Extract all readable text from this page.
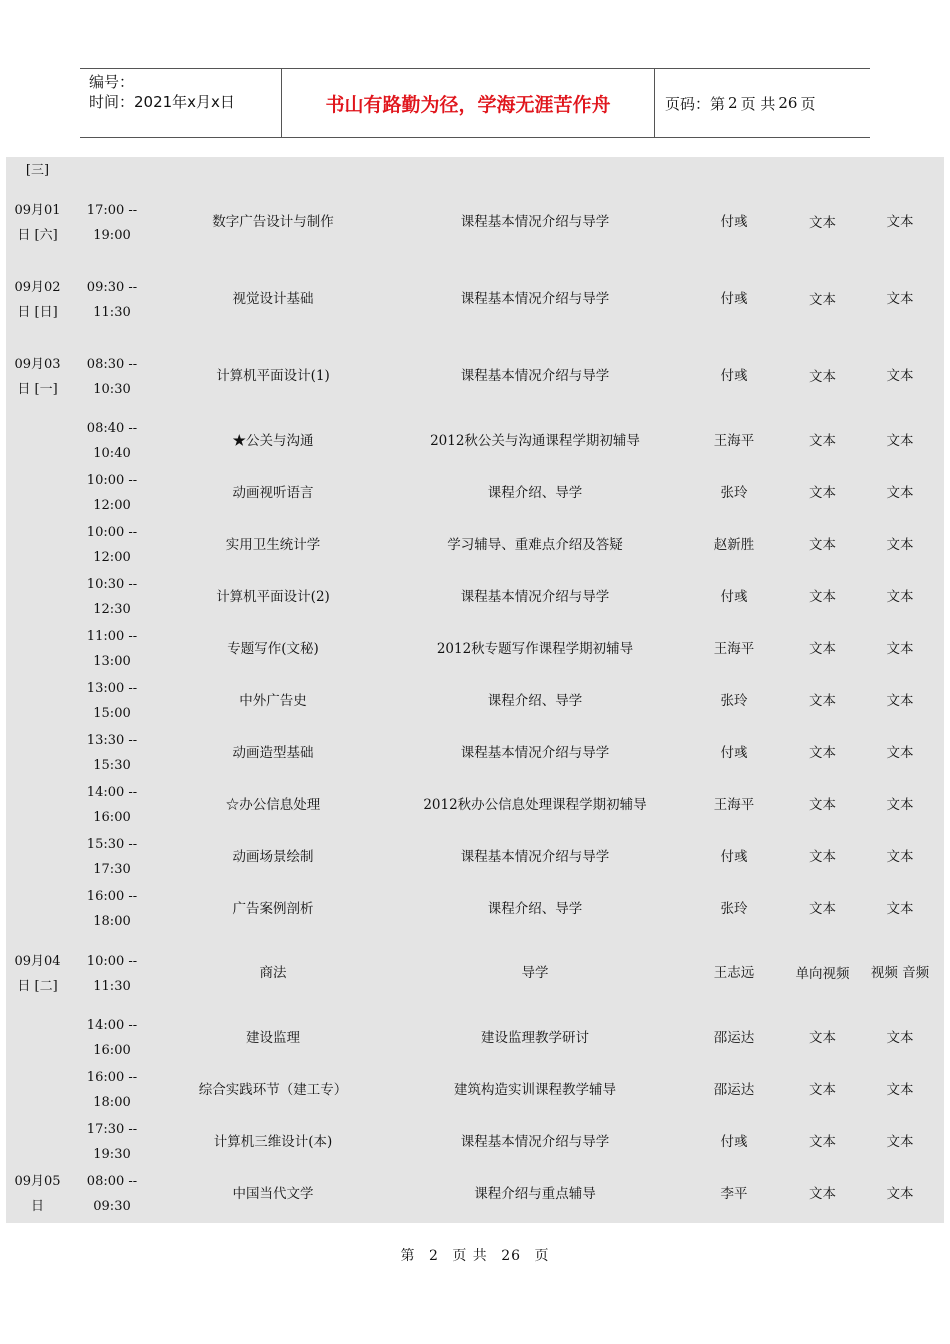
编号：
时间：2021年x月x日	书山有路勤为径，学海无涯苦作舟	页码：第 2 页 共 26 页
[三]						
09月01 日 [六]	17:00 -- 19:00	数字广告设计与制作	课程基本情况介绍与导学	付彧	文本	文本
09月02 日 [日]	09:30 -- 11:30	视觉设计基础	课程基本情况介绍与导学	付彧	文本	文本
09月03 日 [一]	08:30 -- 10:30	计算机平面设计(1)	课程基本情况介绍与导学	付彧	文本	文本
	08:40 -- 10:40	★公关与沟通	2012秋公关与沟通课程学期初辅导	王海平	文本	文本
	10:00 -- 12:00	动画视听语言	课程介绍、导学	张玲	文本	文本
	10:00 -- 12:00	实用卫生统计学	学习辅导、重难点介绍及答疑	赵新胜	文本	文本
	10:30 -- 12:30	计算机平面设计(2)	课程基本情况介绍与导学	付彧	文本	文本
	11:00 -- 13:00	专题写作(文秘)	2012秋专题写作课程学期初辅导	王海平	文本	文本
	13:00 -- 15:00	中外广告史	课程介绍、导学	张玲	文本	文本
	13:30 -- 15:30	动画造型基础	课程基本情况介绍与导学	付彧	文本	文本
	14:00 -- 16:00	☆办公信息处理	2012秋办公信息处理课程学期初辅导	王海平	文本	文本
	15:30 -- 17:30	动画场景绘制	课程基本情况介绍与导学	付彧	文本	文本
	16:00 -- 18:00	广告案例剖析	课程介绍、导学	张玲	文本	文本
09月04 日 [二]	10:00 -- 11:30	商法	导学	王志远	单向视频	视频 音频
	14:00 -- 16:00	建设监理	建设监理教学研讨	邵运达	文本	文本
	16:00 -- 18:00	综合实践环节（建工专）	建筑构造实训课程教学辅导	邵运达	文本	文本
	17:30 -- 19:30	计算机三维设计(本)	课程基本情况介绍与导学	付彧	文本	文本
09月05 日	08:00 -- 09:30	中国当代文学	课程介绍与重点辅导	李平	文本	文本
第 2 页 共 26 页
